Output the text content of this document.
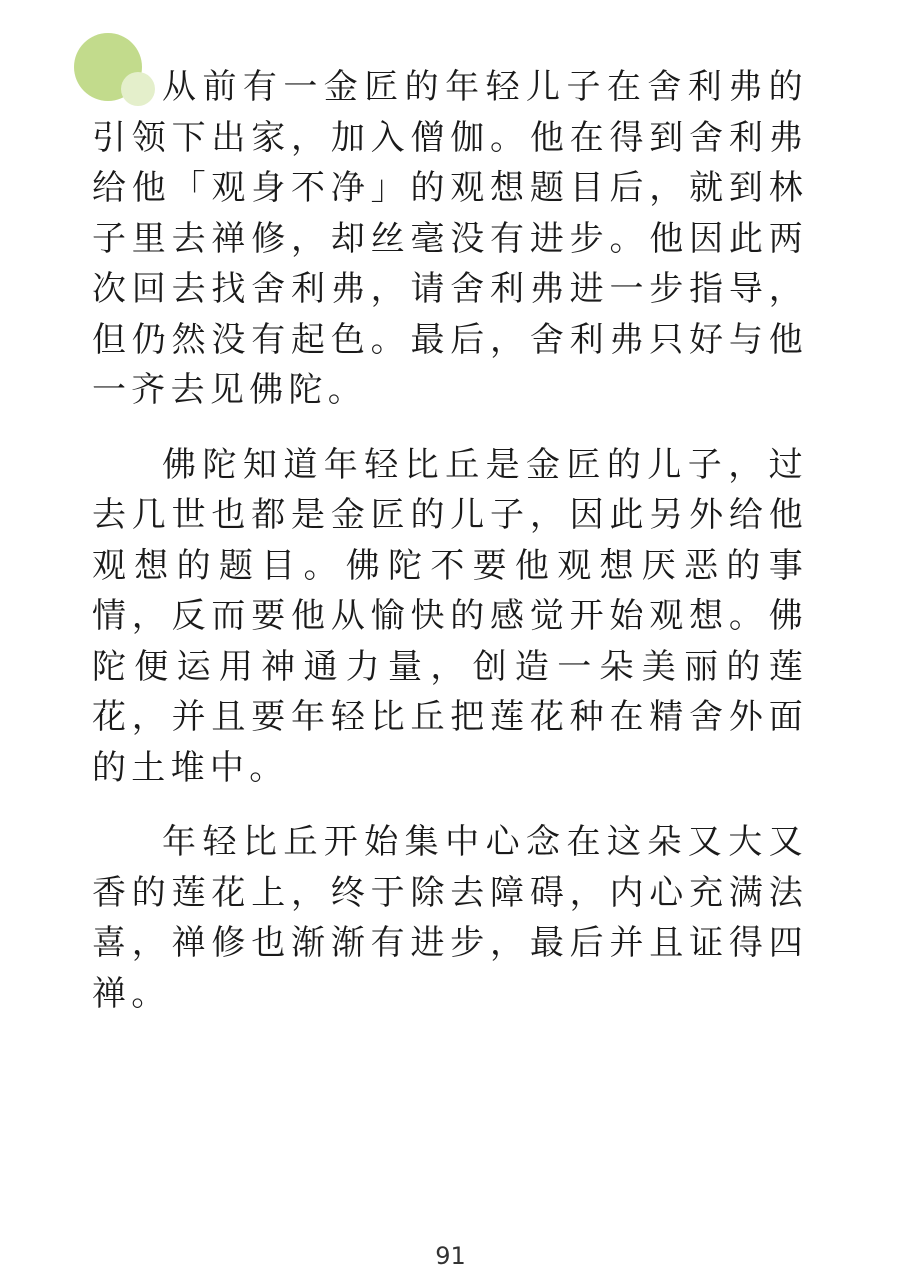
从前有一金匠的年轻儿子在舍利弗的引领下出家，加入僧伽。他在得到舍利弗给他「观身不净」的观想题目后，就到林子里去禅修，却丝毫没有进步。他因此两次回去找舍利弗，请舍利弗进一步指导，但仍然没有起色。最后，舍利弗只好与他一齐去见佛陀。

佛陀知道年轻比丘是金匠的儿子，过去几世也都是金匠的儿子，因此另外给他观想的题目。佛陀不要他观想厌恶的事情，反而要他从愉快的感觉开始观想。佛陀便运用神通力量，创造一朵美丽的莲花，并且要年轻比丘把莲花种在精舍外面的土堆中。

年轻比丘开始集中心念在这朵又大又香的莲花上，终于除去障碍，内心充满法喜，禅修也渐渐有进步，最后并且证得四禅。

91
